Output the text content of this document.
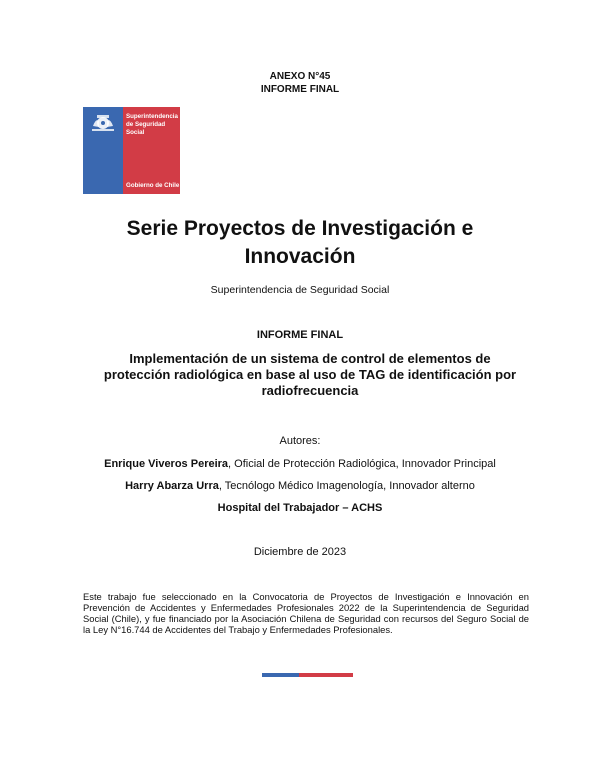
ANEXO N°45
INFORME FINAL
Superintendencia
de Seguridad
Social
Gobierno de Chile
Serie Proyectos de Investigación e
Innovación
Superintendencia de Seguridad Social
INFORME FINAL
Implementación de un sistema de control de elementos de protección radiológica en base al uso de TAG de identificación por radiofrecuencia
Autores:
Enrique Viveros Pereira, Oficial de Protección Radiológica, Innovador Principal
Harry Abarza Urra, Tecnólogo Médico Imagenología, Innovador alterno
Hospital del Trabajador – ACHS
Diciembre de 2023
Este trabajo fue seleccionado en la Convocatoria de Proyectos de Investigación e Innovación en Prevención de Accidentes y Enfermedades Profesionales 2022 de la Superintendencia de Seguridad Social (Chile), y fue financiado por la Asociación Chilena de Seguridad con recursos del Seguro Social de la Ley N°16.744 de Accidentes del Trabajo y Enfermedades Profesionales.
